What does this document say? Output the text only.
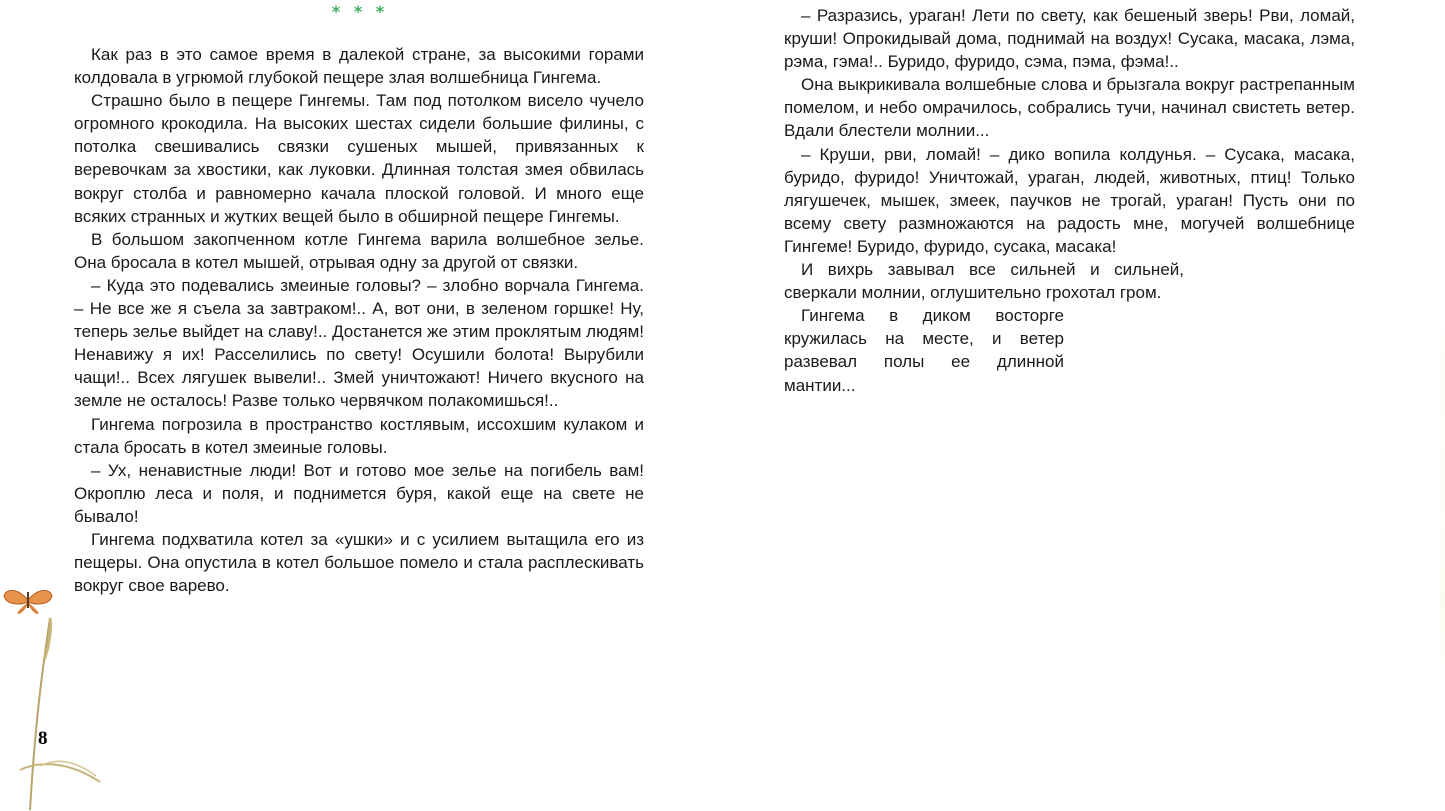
* * *

Как раз в это самое время в далекой стране, за высокими горами колдовала в угрюмой глубокой пещере злая волшебница Гингема.

Страшно было в пещере Гингемы. Там под потолком висело чучело огромного крокодила. На высоких шестах сидели большие филины, с потолка свешивались связки сушеных мышей, привязанных к веревочкам за хвостики, как луковки. Длинная толстая змея обвилась вокруг столба и равномерно качала плоской головой. И много еще всяких странных и жутких вещей было в обширной пещере Гингемы.

В большом закопченном котле Гингема варила волшебное зелье. Она бросала в котел мышей, отрывая одну за другой от связки.

– Куда это подевались змеиные головы? – злобно ворчала Гингема. – Не все же я съела за завтраком!.. А, вот они, в зеленом горшке! Ну, теперь зелье выйдет на славу!.. Достанется же этим проклятым людям! Ненавижу я их! Расселились по свету! Осушили болота! Вырубили чащи!.. Всех лягушек вывели!.. Змей уничтожают! Ничего вкусного на земле не осталось! Разве только червячком полакомишься!..

Гингема погрозила в пространство костлявым, иссохшим кулаком и стала бросать в котел змеиные головы.

– Ух, ненавистные люди! Вот и готово мое зелье на погибель вам! Окроплю леса и поля, и поднимется буря, какой еще на свете не бывало!

Гингема подхватила котел за «ушки» и с усилием вытащила его из пещеры. Она опустила в котел большое помело и стала расплескивать вокруг свое варево.

8

– Разразись, ураган! Лети по свету, как бешеный зверь! Рви, ломай, круши! Опрокидывай дома, поднимай на воздух! Сусака, масака, лэма, рэма, гэма!.. Буридо, фуридо, сэма, пэма, фэма!..

Она выкрикивала волшебные слова и брызгала вокруг растрепанным помелом, и небо омрачилось, собрались тучи, начинал свистеть ветер. Вдали блестели молнии...

– Круши, рви, ломай! – дико вопила колдунья. – Сусака, масака, буридо, фуридо! Уничтожай, ураган, людей, животных, птиц! Только лягушечек, мышек, змеек, паучков не трогай, ураган! Пусть они по всему свету размножаются на радость мне, могучей волшебнице Гингеме! Буридо, фуридо, сусака, масака!

И вихрь завывал все сильней и сильней, сверкали молнии, оглушительно грохотал гром.

Гингема в диком восторге кружилась на месте, и ветер развевал полы ее длинной мантии...
